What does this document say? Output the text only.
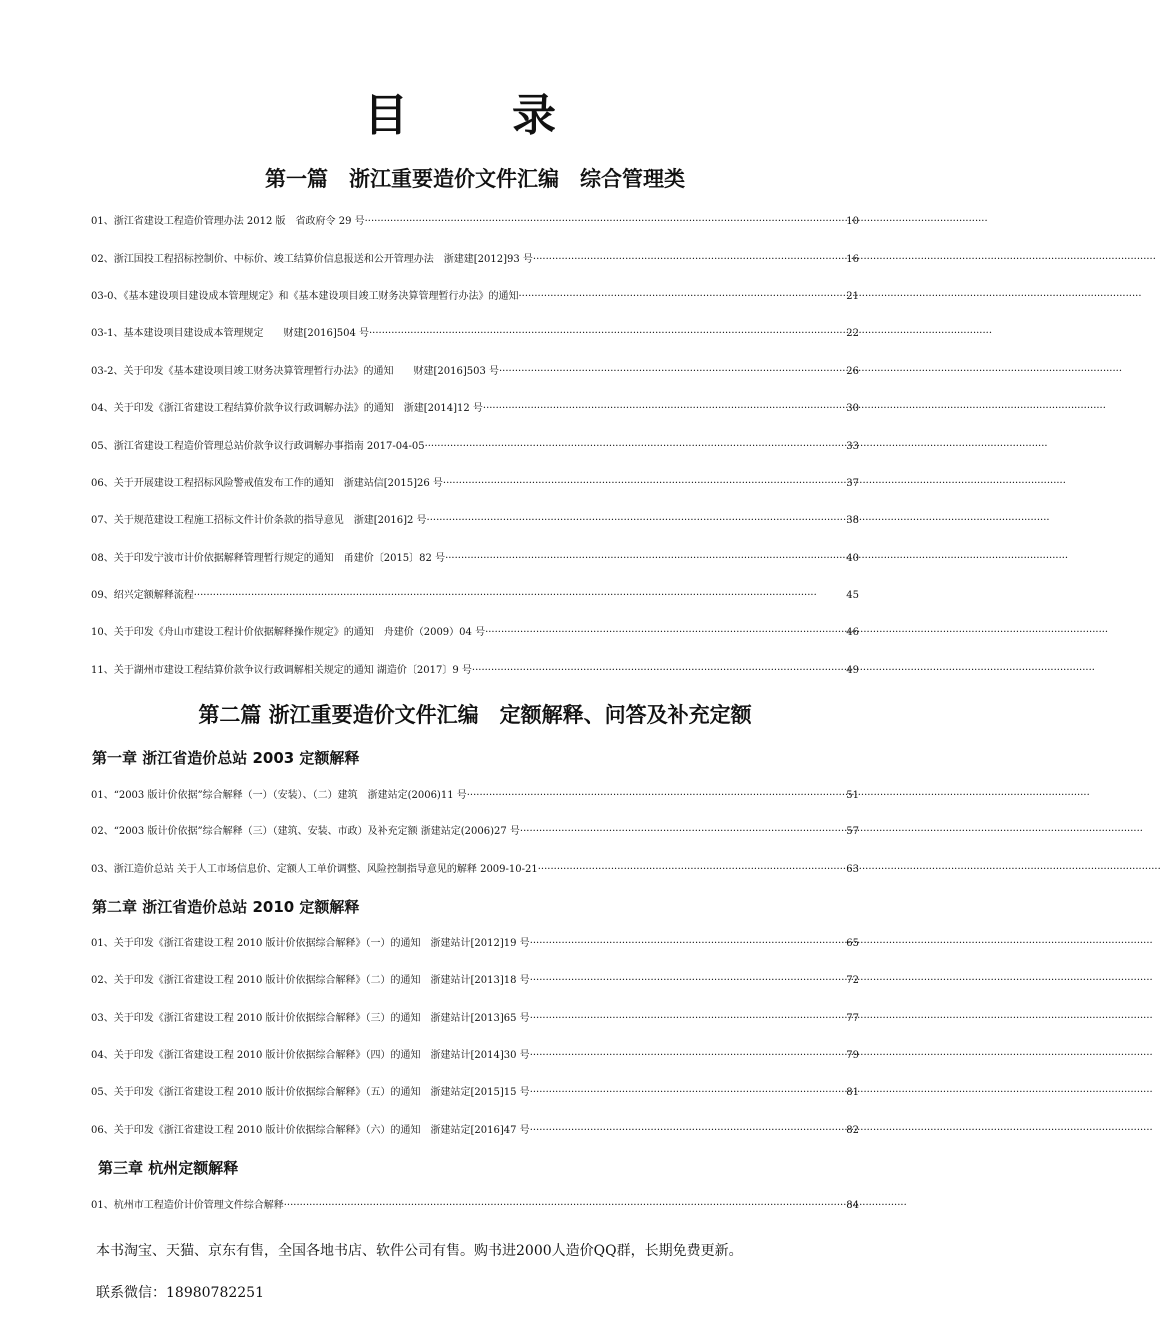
目　录
第一篇　浙江重要造价文件汇编　综合管理类
01、浙江省建设工程造价管理办法 2012 版　省政府令 29 号 ·····	10
02、浙江国投工程招标控制价、中标价、竣工结算价信息报送和公开管理办法　浙建建[2012]93 号 ·····	16
03-0、《基本建设项目建设成本管理规定》和《基本建设项目竣工财务决算管理暂行办法》的通知 ·····	21
03-1、基本建设项目建设成本管理规定　　财建[2016]504 号 ·····	22
03-2、关于印发《基本建设项目竣工财务决算管理暂行办法》的通知　　财建[2016]503 号 ·····	26
04、关于印发《浙江省建设工程结算价款争议行政调解办法》的通知　浙建[2014]12 号 ·····	30
05、浙江省建设工程造价管理总站价款争议行政调解办事指南 2017-04-05 ·····	33
06、关于开展建设工程招标风险警戒值发布工作的通知　浙建站信[2015]26 号 ·····	37
07、关于规范建设工程施工招标文件计价条款的指导意见　浙建[2016]2 号 ·····	38
08、关于印发宁波市计价依据解释管理暂行规定的通知　甬建价〔2015〕82 号 ·····	40
09、绍兴定额解释流程 ·····	45
10、关于印发《舟山市建设工程计价依据解释操作规定》的通知　舟建价（2009）04 号 ·····	46
11、关于湖州市建设工程结算价款争议行政调解相关规定的通知 湖造价〔2017〕9 号 ·····	49
第二篇 浙江重要造价文件汇编　定额解释、问答及补充定额
第一章 浙江省造价总站 2003 定额解释
01、“2003 版计价依据”综合解释（一）（安装）、（二）建筑　浙建站定(2006)11 号 ·····	51
02、“2003 版计价依据”综合解释（三）（建筑、安装、市政）及补充定额 浙建站定(2006)27 号 ·····	57
03、浙江造价总站 关于人工市场信息价、定额人工单价调整、风险控制指导意见的解释 2009-10-21 ·····	63
第二章 浙江省造价总站 2010 定额解释
01、关于印发《浙江省建设工程 2010 版计价依据综合解释》（一）的通知　浙建站计[2012]19 号 ·····	65
02、关于印发《浙江省建设工程 2010 版计价依据综合解释》（二）的通知　浙建站计[2013]18 号 ·····	72
03、关于印发《浙江省建设工程 2010 版计价依据综合解释》（三）的通知　浙建站计[2013]65 号 ·····	77
04、关于印发《浙江省建设工程 2010 版计价依据综合解释》（四）的通知　浙建站计[2014]30 号 ·····	79
05、关于印发《浙江省建设工程 2010 版计价依据综合解释》（五）的通知　浙建站定[2015]15 号 ·····	81
06、关于印发《浙江省建设工程 2010 版计价依据综合解释》（六）的通知　浙建站定[2016]47 号 ·····	82
第三章 杭州定额解释
01、杭州市工程造价计价管理文件综合解释 ·····	84
本书淘宝、天猫、京东有售，全国各地书店、软件公司有售。购书进2000人造价QQ群，长期免费更新。
联系微信：18980782251
